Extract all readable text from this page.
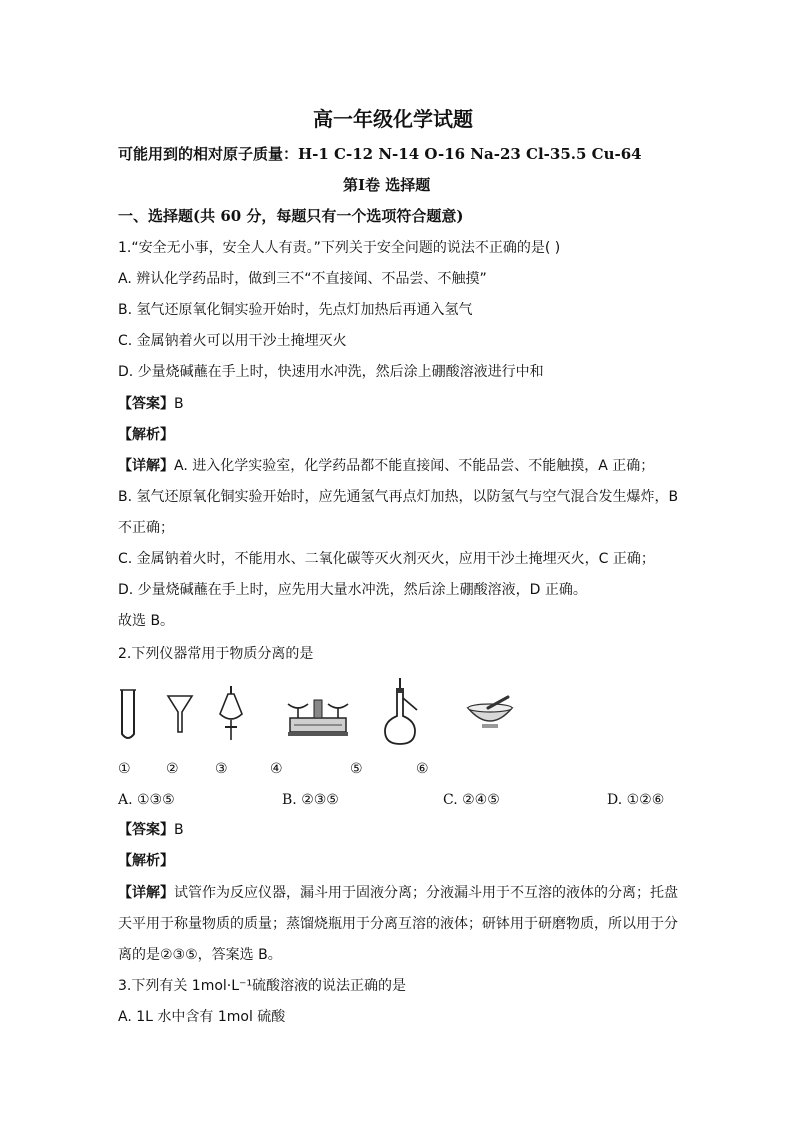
高一年级化学试题
可能用到的相对原子质量：H-1 C-12 N-14 O-16 Na-23 Cl-35.5 Cu-64
第Ⅰ卷 选择题
一、选择题(共 60 分，每题只有一个选项符合题意)
1.“安全无小事，安全人人有责。”下列关于安全问题的说法不正确的是( )
A. 辨认化学药品时，做到三不“不直接闻、不品尝、不触摸”
B. 氢气还原氧化铜实验开始时，先点灯加热后再通入氢气
C. 金属钠着火可以用干沙土掩埋灭火
D. 少量烧碱蘸在手上时，快速用水冲洗，然后涂上硼酸溶液进行中和
【答案】B
【解析】
【详解】A. 进入化学实验室，化学药品都不能直接闻、不能品尝、不能触摸，A 正确；
B. 氢气还原氧化铜实验开始时，应先通氢气再点灯加热，以防氢气与空气混合发生爆炸，B
不正确；
C. 金属钠着火时，不能用水、二氧化碳等灭火剂灭火，应用干沙土掩埋灭火，C 正确；
D. 少量烧碱蘸在手上时，应先用大量水冲洗，然后涂上硼酸溶液，D 正确。
故选 B。
2.下列仪器常用于物质分离的是
①	②	③	④	⑤	⑥
A. ①③⑤	B. ②③⑤	C. ②④⑤	D. ①②⑥
【答案】B
【解析】
【详解】试管作为反应仪器，漏斗用于固液分离；分液漏斗用于不互溶的液体的分离；托盘
天平用于称量物质的质量；蒸馏烧瓶用于分离互溶的液体；研钵用于研磨物质，所以用于分
离的是②③⑤，答案选 B。
3.下列有关 1mol·L⁻¹硫酸溶液的说法正确的是
A. 1L 水中含有 1mol 硫酸
